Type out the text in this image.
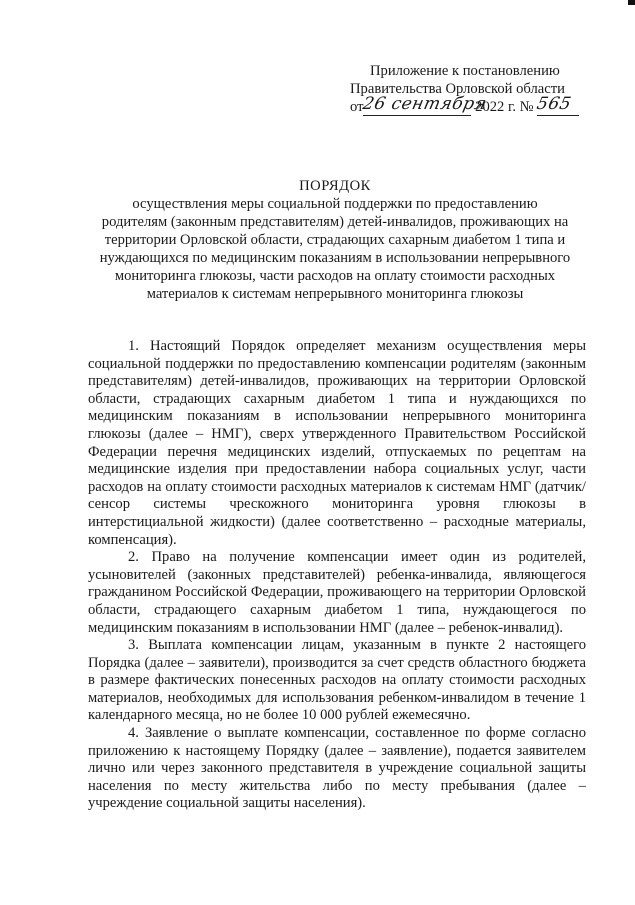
Приложение к постановлению
Правительства Орловской области
от26 сентября 2022 г. №565
ПОРЯДОК
осуществления меры социальной поддержки по предоставлению
родителям (законным представителям) детей-инвалидов, проживающих на
территории Орловской области, страдающих сахарным диабетом 1 типа и
нуждающихся по медицинским показаниям в использовании непрерывного
мониторинга глюкозы, части расходов на оплату стоимости расходных
материалов к системам непрерывного мониторинга глюкозы

1. Настоящий Порядок определяет механизм осуществления меры социальной поддержки по предоставлению компенсации родителям (законным представителям) детей-инвалидов, проживающих на территории Орловской области, страдающих сахарным диабетом 1 типа и нуждающихся по медицинским показаниям в использовании непрерывного мониторинга глюкозы (далее – НМГ), сверх утвержденного Правительством Российской Федерации перечня медицинских изделий, отпускаемых по рецептам на медицинские изделия при предоставлении набора социальных услуг, части расходов на оплату стоимости расходных материалов к системам НМГ (датчик/сенсор системы чрескожного мониторинга уровня глюкозы в интерстициальной жидкости) (далее соответственно – расходные материалы, компенсация).

2. Право на получение компенсации имеет один из родителей, усыновителей (законных представителей) ребенка-инвалида, являющегося гражданином Российской Федерации, проживающего на территории Орловской области, страдающего сахарным диабетом 1 типа, нуждающегося по медицинским показаниям в использовании НМГ (далее – ребенок-инвалид).

3. Выплата компенсации лицам, указанным в пункте 2 настоящего Порядка (далее – заявители), производится за счет средств областного бюджета в размере фактических понесенных расходов на оплату стоимости расходных материалов, необходимых для использования ребенком-инвалидом в течение 1 календарного месяца, но не более 10 000 рублей ежемесячно.

4. Заявление о выплате компенсации, составленное по форме согласно приложению к настоящему Порядку (далее – заявление), подается заявителем лично или через законного представителя в учреждение социальной защиты населения по месту жительства либо по месту пребывания (далее – учреждение социальной защиты населения).
